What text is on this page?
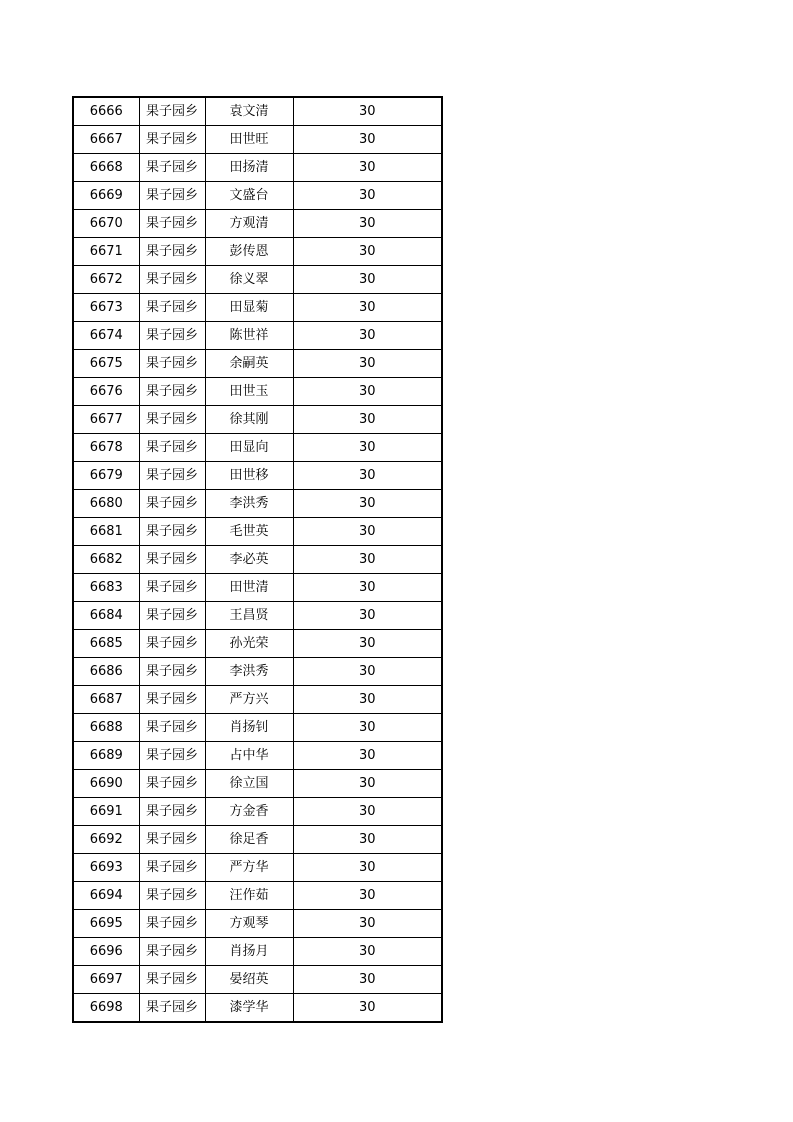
6666	果子园乡	袁文清	30
6667	果子园乡	田世旺	30
6668	果子园乡	田扬清	30
6669	果子园乡	文盛台	30
6670	果子园乡	方观清	30
6671	果子园乡	彭传恩	30
6672	果子园乡	徐义翠	30
6673	果子园乡	田显菊	30
6674	果子园乡	陈世祥	30
6675	果子园乡	余嗣英	30
6676	果子园乡	田世玉	30
6677	果子园乡	徐其刚	30
6678	果子园乡	田显向	30
6679	果子园乡	田世移	30
6680	果子园乡	李洪秀	30
6681	果子园乡	毛世英	30
6682	果子园乡	李必英	30
6683	果子园乡	田世清	30
6684	果子园乡	王昌贤	30
6685	果子园乡	孙光荣	30
6686	果子园乡	李洪秀	30
6687	果子园乡	严方兴	30
6688	果子园乡	肖扬钊	30
6689	果子园乡	占中华	30
6690	果子园乡	徐立国	30
6691	果子园乡	方金香	30
6692	果子园乡	徐足香	30
6693	果子园乡	严方华	30
6694	果子园乡	汪作茹	30
6695	果子园乡	方观琴	30
6696	果子园乡	肖扬月	30
6697	果子园乡	晏绍英	30
6698	果子园乡	漆学华	30
